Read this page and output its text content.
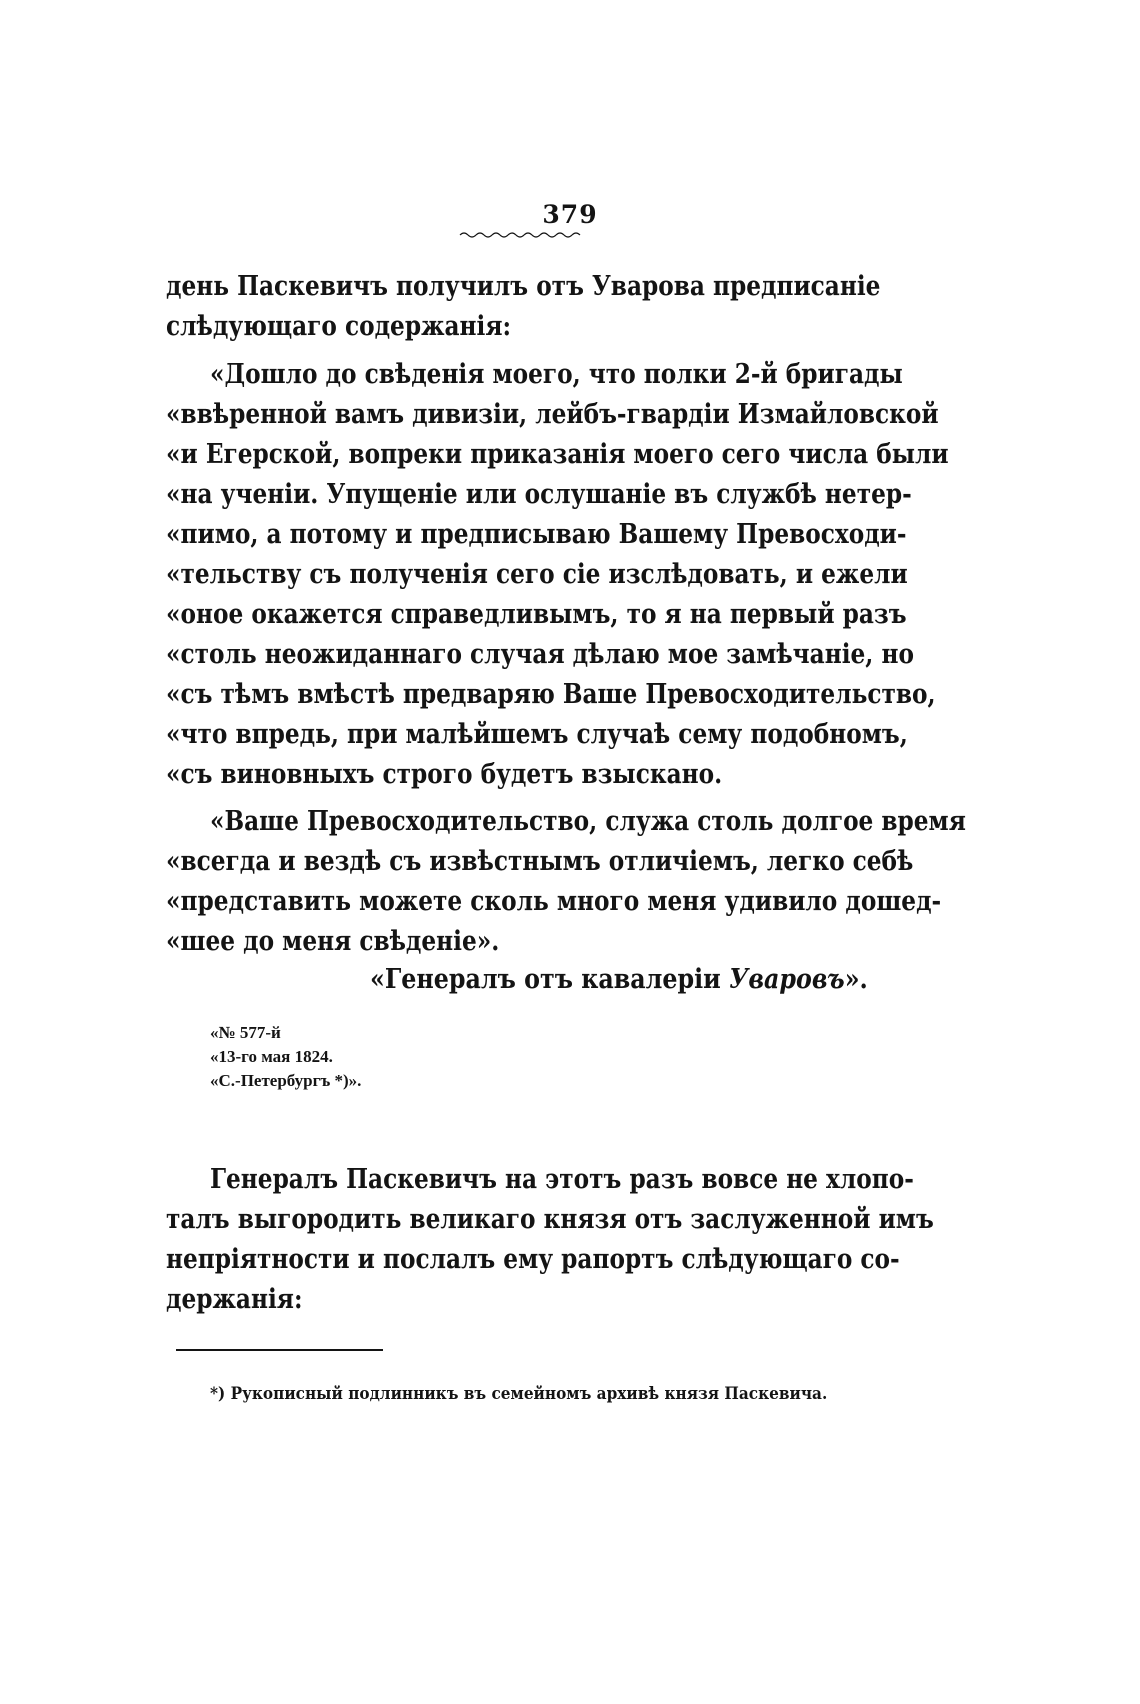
379
день Паскевичъ получилъ отъ Уварова предписаніе
слѣдующаго содержанія:
«Дошло до свѣденія моего, что полки 2-й бригады
«ввѣренной вамъ дивизіи, лейбъ-гвардіи Измайловской
«и Егерской, вопреки приказанія моего сего числа были
«на ученіи. Упущеніе или ослушаніе въ службѣ нетер-
«пимо, а потому и предписываю Вашему Превосходи-
«тельству съ полученія сего сіе изслѣдовать, и ежели
«оное окажется справедливымъ, то я на первый разъ
«столь неожиданнаго случая дѣлаю мое замѣчаніе, но
«съ тѣмъ вмѣстѣ предваряю Ваше Превосходительство,
«что впредь, при малѣйшемъ случаѣ сему подобномъ,
«съ виновныхъ строго будетъ взыскано.
«Ваше Превосходительство, служа столь долгое время
«всегда и вездѣ съ извѣстнымъ отличіемъ, легко себѣ
«представить можете сколь много меня удивило дошед-
«шее до меня свѣденіе».
«Генералъ отъ кавалеріи Уваровъ».
«№ 577-й
«13-го мая 1824.
«С.-Петербургъ *)».
Генералъ Паскевичъ на этотъ разъ вовсе не хлопо-
талъ выгородить великаго князя отъ заслуженной имъ
непріятности и послалъ ему рапортъ слѣдующаго со-
держанія:
*) Рукописный подлинникъ въ семейномъ архивѣ князя Паскевича.
